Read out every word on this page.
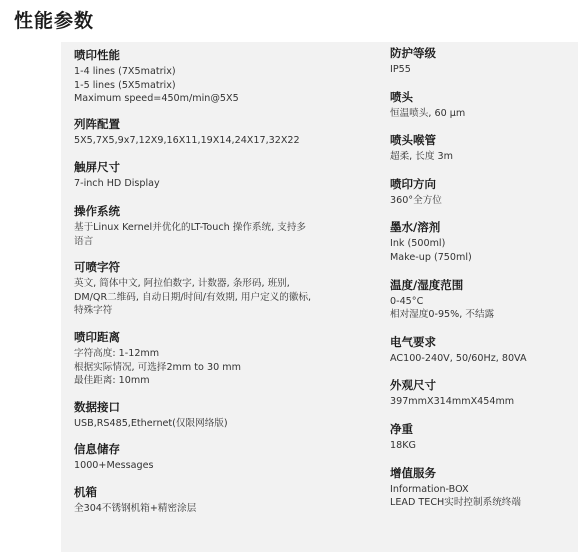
性能参数
喷印性能
1-4 lines (7X5matrix)
1-5 lines (5X5matrix)
Maximum speed=450m/min@5X5
列阵配置
5X5,7X5,9x7,12X9,16X11,19X14,24X17,32X22
触屏尺寸
7-inch HD Display
操作系统
基于Linux Kernel并优化的LT-Touch 操作系统, 支持多
语言
可喷字符
英文, 简体中文, 阿拉伯数字, 计数器, 条形码, 班别,
DM/QR二维码, 自动日期/时间/有效期, 用户定义的徽标,
特殊字符
喷印距离
字符高度: 1-12mm
根据实际情况, 可选择2mm to 30 mm
最佳距离: 10mm
数据接口
USB,RS485,Ethernet(仅限网络版)
信息储存
1000+Messages
机箱
全304不锈钢机箱+精密涂层
防护等级
IP55
喷头
恒温喷头, 60 μm
喷头喉管
超柔, 长度 3m
喷印方向
360°全方位
墨水/溶剂
Ink (500ml)
Make-up (750ml)
温度/湿度范围
0-45°C
相对湿度0-95%, 不结露
电气要求
AC100-240V, 50/60Hz, 80VA
外观尺寸
397mmX314mmX454mm
净重
18KG
增值服务
Information-BOX
LEAD TECH实时控制系统终端
